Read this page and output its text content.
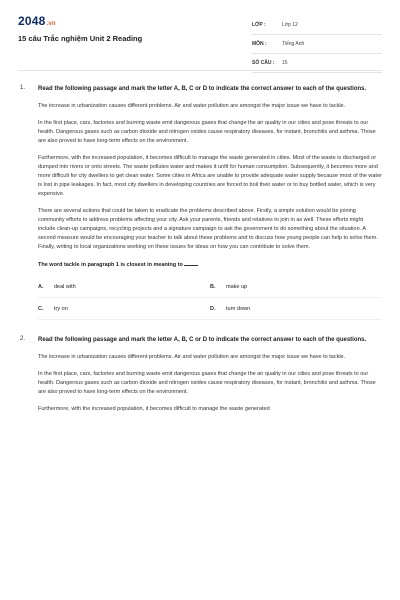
2048.vn
15 câu Trắc nghiệm Unit 2 Reading
LỚP :	Lớp 12
MÔN :	Tiếng Anh
SỐ CÂU :	15
1. Read the following passage and mark the letter A, B, C or D to indicate the correct answer to each of the questions.

The increase in urbanization causes different problems. Air and water pollution are amongst the major issue we have to tackle.

In the first place, cars, factories and burning waste emit dangerous gases that change the air quality in our cities and pose threats to our health. Dangerous gases such as carbon dioxide and nitrogen oxides cause respiratory diseases, for instant, bronchitis and asthma. Those are also proved to have long-term effects on the environment.

Furthermore, with the increased population, it becomes difficult to manage the waste generated in cities. Most of the waste is discharged or dumped into rivers or onto streets. The waste pollutes water and makes it unfit for human consumption. Subsequently, it becomes more and more difficult for city dwellers to get clean water. Some cities in Africa are unable to provide adequate water supply because most of the water is lost in pipe leakages. In fact, most city dwellers in developing countries are forced to boil their water or to buy bottled water, which is very expensive.

There are several actions that could be taken to eradicate the problems described above. Firstly, a simple solution would be joining community efforts to address problems affecting your city. Ask your parents, friends and relatives to join in as well. These efforts might include clean-up campaigns, recycling projects and a signature campaign to ask the government to do something about the situation. A second measure would be encouraging your teacher to talk about these problems and to discuss how young people can help to solve them. Finally, writing to local organizations working on these issues for ideas on how you can contribute to solve them.

The word tackle in paragraph 1 is closest in meaning to
A.	deal with	B.	make up
C.	try on	D.	turn down
2. Read the following passage and mark the letter A, B, C or D to indicate the correct answer to each of the questions.

The increase in urbanization causes different problems. Air and water pollution are amongst the major issue we have to tackle.

In the first place, cars, factories and burning waste emit dangerous gases that change the air quality in our cities and pose threats to our health. Dangerous gases such as carbon dioxide and nitrogen oxides cause respiratory diseases, for instant, bronchitis and asthma. Those are also proved to have long-term effects on the environment.

Furthermore, with the increased population, it becomes difficult to manage the waste generated
